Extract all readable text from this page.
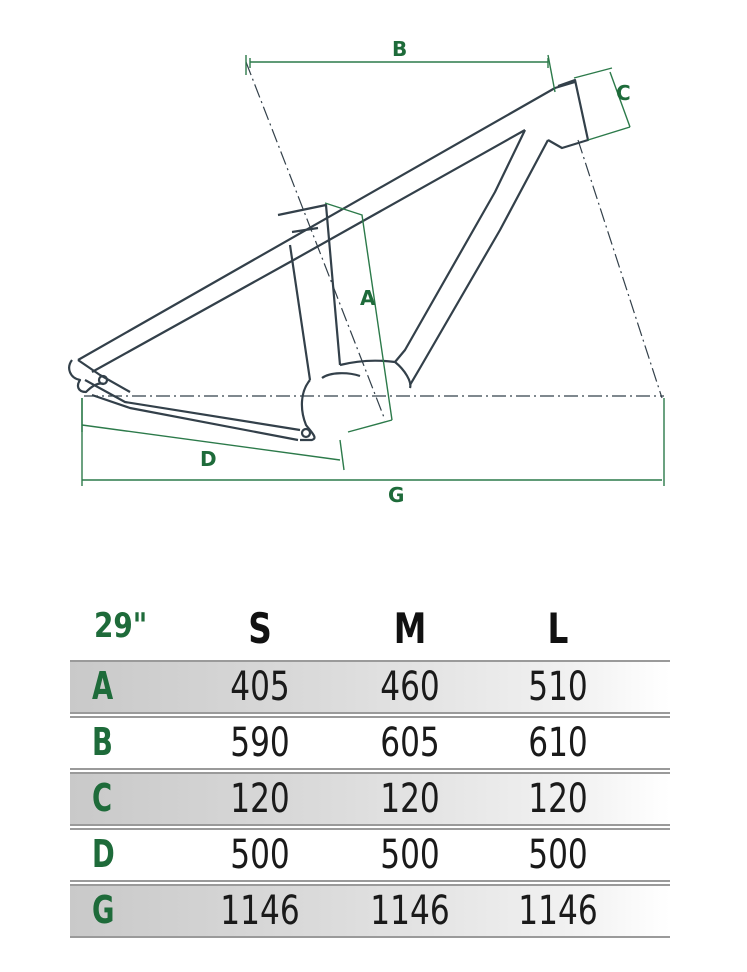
B
C
A
D
G
29"	S	M	L
A	405	460	510
B	590	605	610
C	120	120	120
D	500	500	500
G	1146 1146 1146
